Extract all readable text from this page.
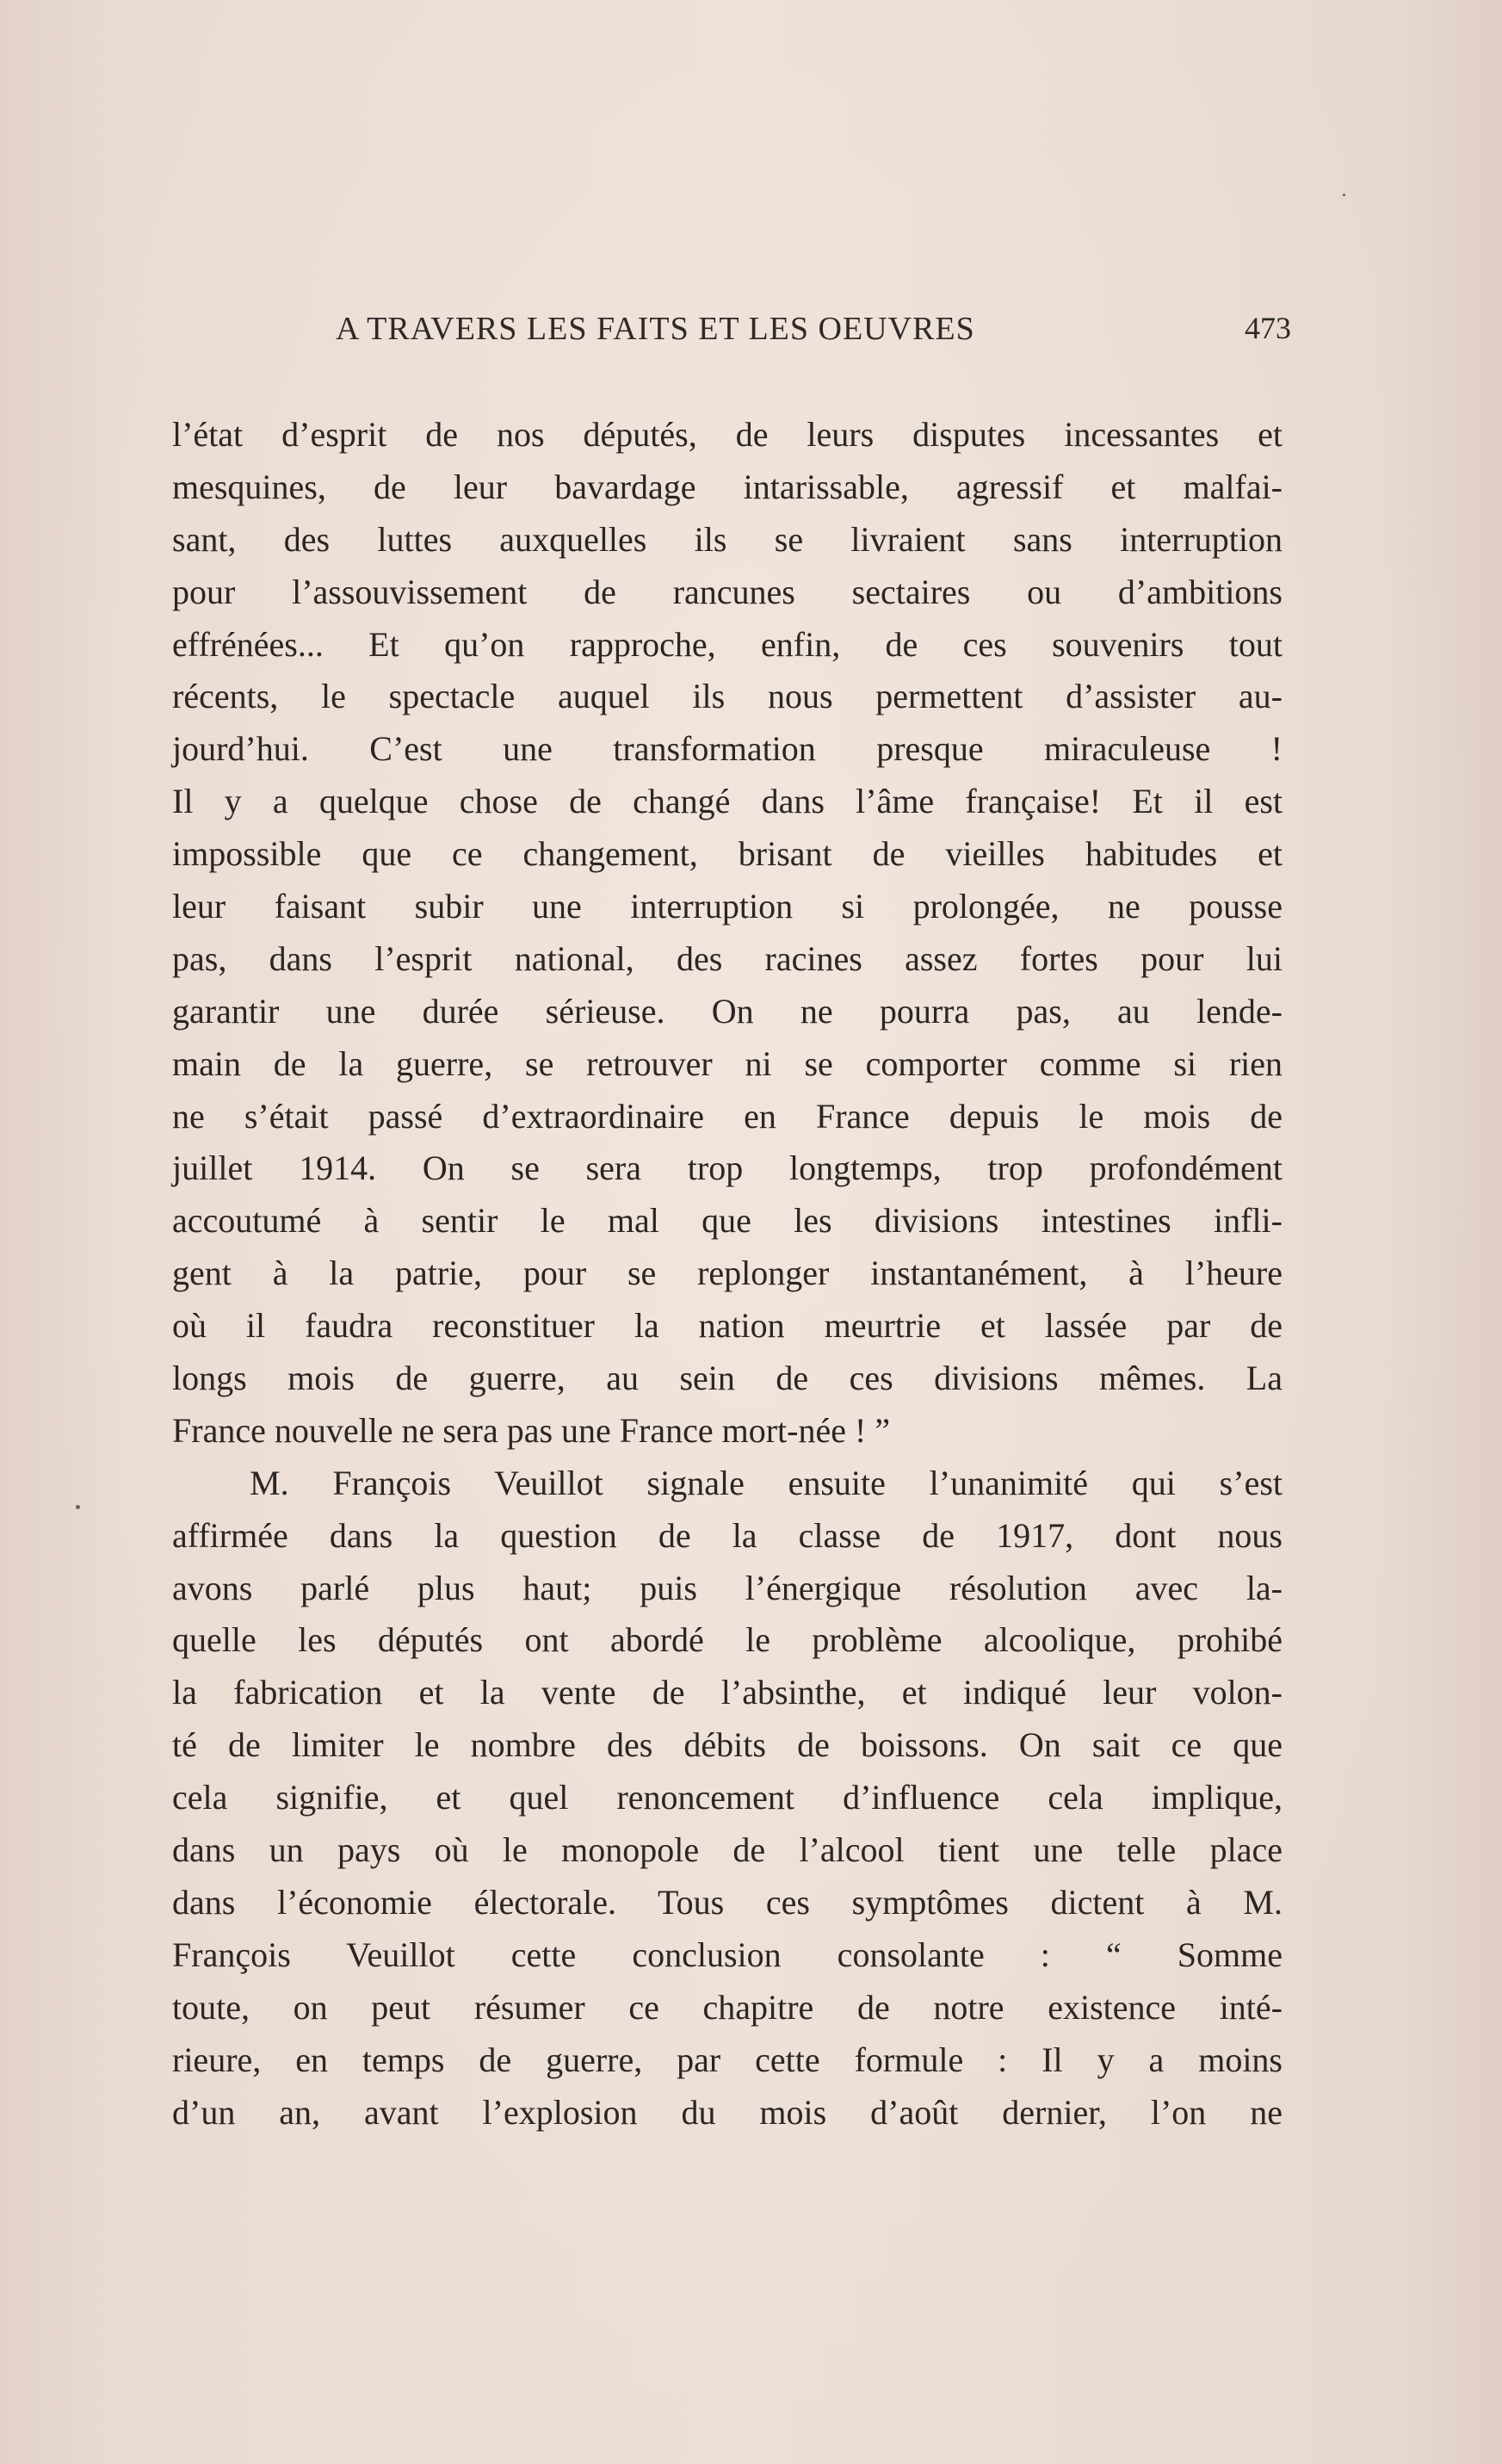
A TRAVERS LES FAITS ET LES OEUVRES	473
l’état d’esprit de nos députés, de leurs disputes incessantes et
mesquines, de leur bavardage intarissable, agressif et malfai-
sant, des luttes auxquelles ils se livraient sans interruption
pour l’assouvissement de rancunes sectaires ou d’ambitions
effrénées... Et qu’on rapproche, enfin, de ces souvenirs tout
récents, le spectacle auquel ils nous permettent d’assister au-
jourd’hui. C’est une transformation presque miraculeuse !
Il y a quelque chose de changé dans l’âme française! Et il est
impossible que ce changement, brisant de vieilles habitudes et
leur faisant subir une interruption si prolongée, ne pousse
pas, dans l’esprit national, des racines assez fortes pour lui
garantir une durée sérieuse. On ne pourra pas, au lende-
main de la guerre, se retrouver ni se comporter comme si rien
ne s’était passé d’extraordinaire en France depuis le mois de
juillet 1914. On se sera trop longtemps, trop profondément
accoutumé à sentir le mal que les divisions intestines infli-
gent à la patrie, pour se replonger instantanément, à l’heure
où il faudra reconstituer la nation meurtrie et lassée par de
longs mois de guerre, au sein de ces divisions mêmes. La
France nouvelle ne sera pas une France mort-née ! ”
M. François Veuillot signale ensuite l’unanimité qui s’est
affirmée dans la question de la classe de 1917, dont nous
avons parlé plus haut; puis l’énergique résolution avec la-
quelle les députés ont abordé le problème alcoolique, prohibé
la fabrication et la vente de l’absinthe, et indiqué leur volon-
té de limiter le nombre des débits de boissons. On sait ce que
cela signifie, et quel renoncement d’influence cela implique,
dans un pays où le monopole de l’alcool tient une telle place
dans l’économie électorale. Tous ces symptômes dictent à M.
François Veuillot cette conclusion consolante : “ Somme
toute, on peut résumer ce chapitre de notre existence inté-
rieure, en temps de guerre, par cette formule : Il y a moins
d’un an, avant l’explosion du mois d’août dernier, l’on ne
